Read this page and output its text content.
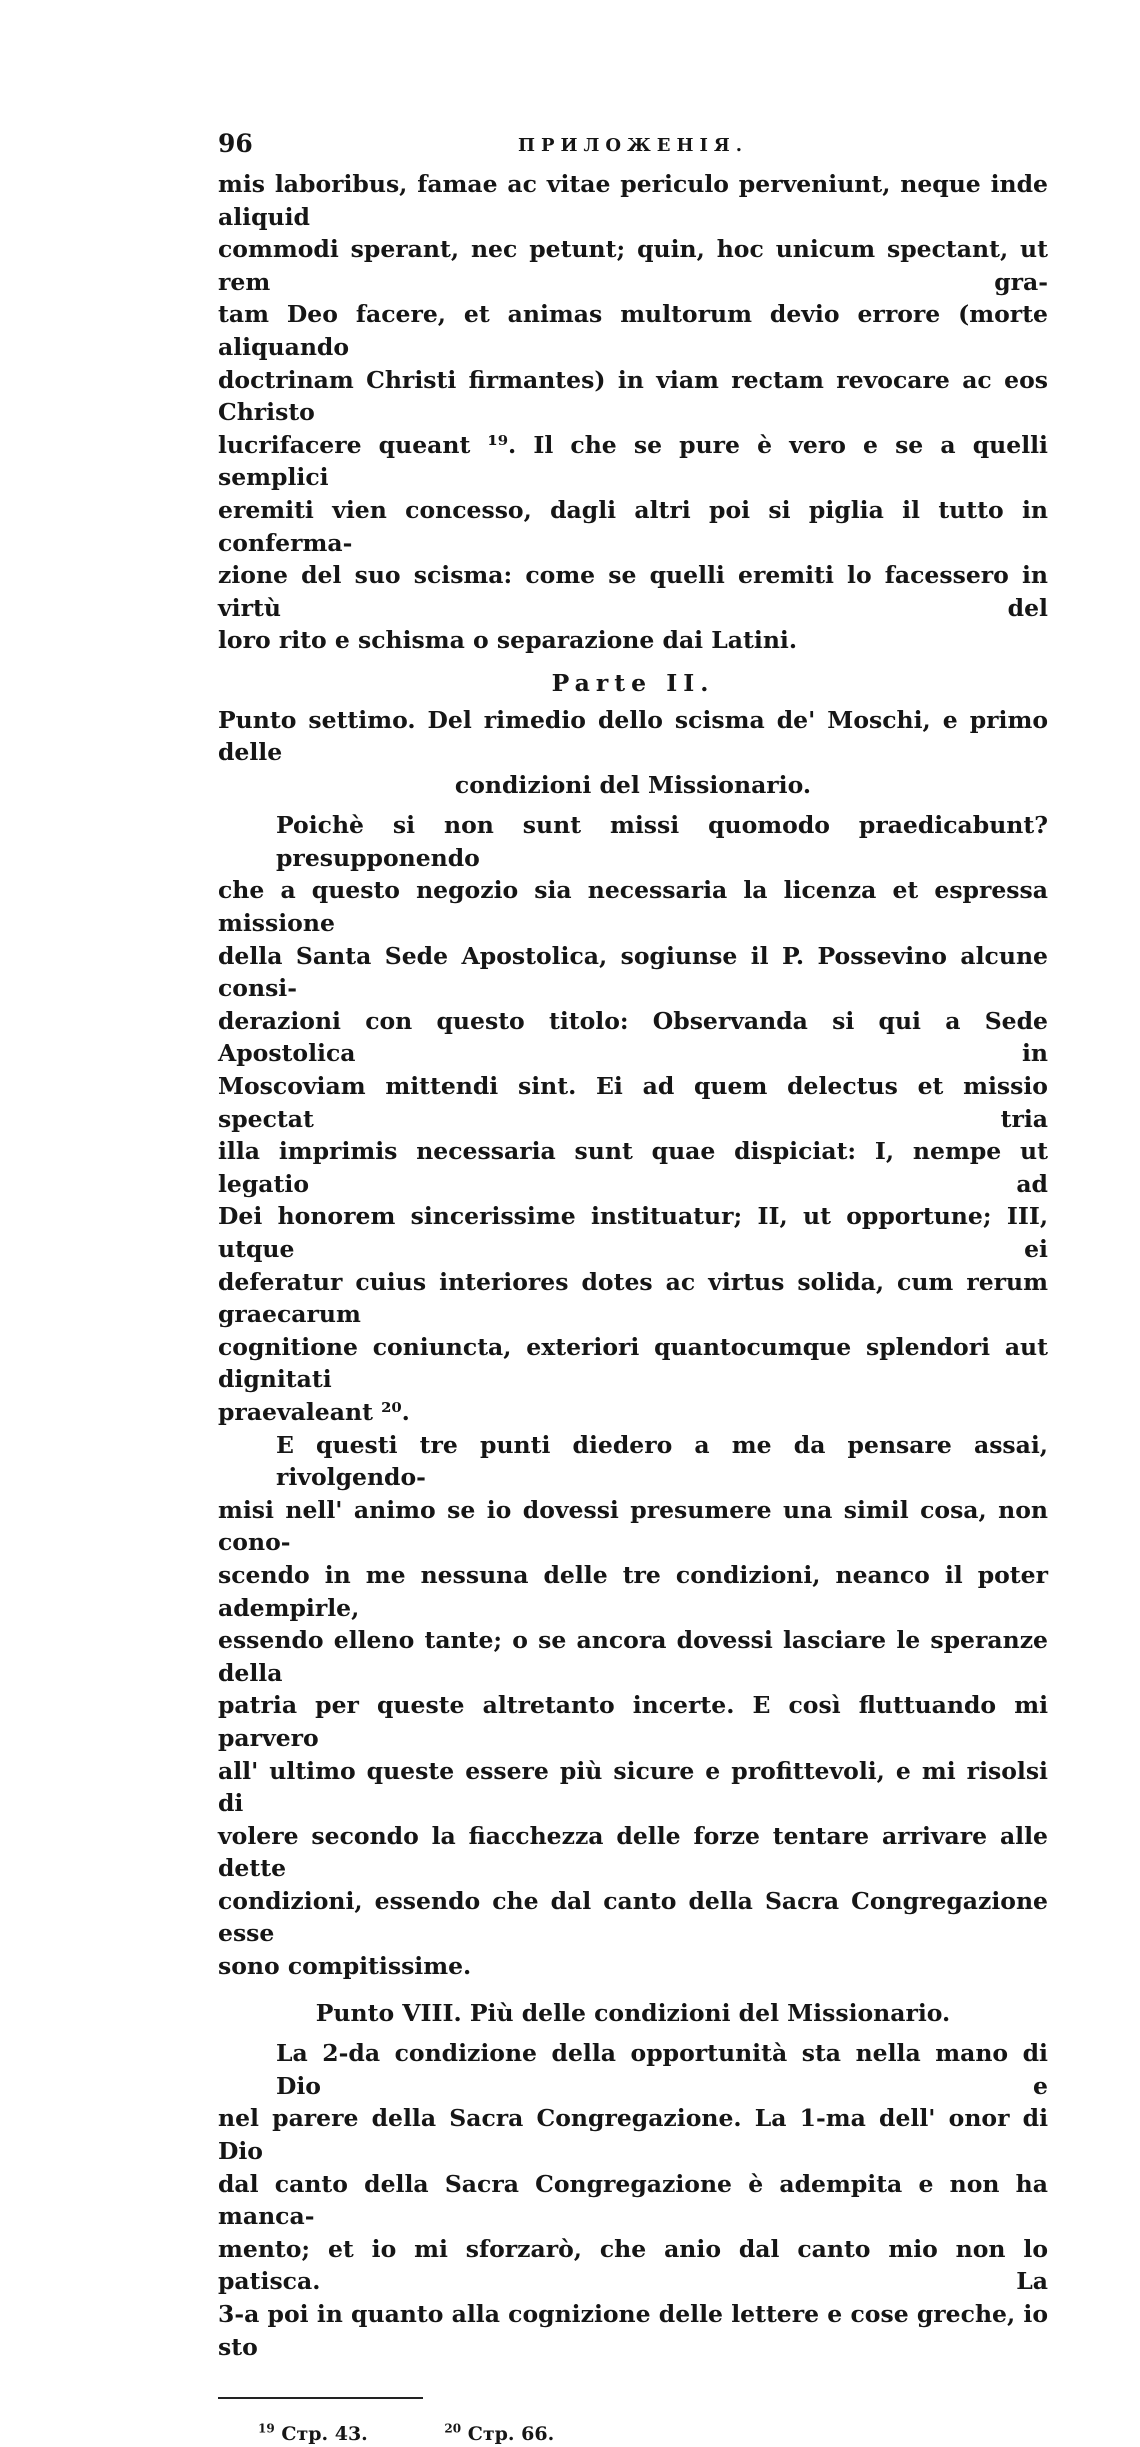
96	ПРИЛОЖЕНІЯ.
mis laboribus, famae ac vitae periculo perveniunt, neque inde aliquid
commodi sperant, nec petunt; quin, hoc unicum spectant, ut rem gra-
tam Deo facere, et animas multorum devio errore (morte aliquando
doctrinam Christi firmantes) in viam rectam revocare ac eos Christo
lucrifacere queant ¹⁹. Il che se pure è vero e se a quelli semplici
eremiti vien concesso, dagli altri poi si piglia il tutto in conferma-
zione del suo scisma: come se quelli eremiti lo facessero in virtù del
loro rito e schisma o separazione dai Latini.
Parte II.
Punto settimo. Del rimedio dello scisma de' Moschi, e primo delle
condizioni del Missionario.
Poichè si non sunt missi quomodo praedicabunt? presupponendo
che a questo negozio sia necessaria la licenza et espressa missione
della Santa Sede Apostolica, sogiunse il P. Possevino alcune consi-
derazioni con questo titolo: Observanda si qui a Sede Apostolica in
Moscoviam mittendi sint. Ei ad quem delectus et missio spectat tria
illa imprimis necessaria sunt quae dispiciat: I, nempe ut legatio ad
Dei honorem sincerissime instituatur; II, ut opportune; III, utque ei
deferatur cuius interiores dotes ac virtus solida, cum rerum graecarum
cognitione coniuncta, exteriori quantocumque splendori aut dignitati
praevaleant ²⁰.
E questi tre punti diedero a me da pensare assai, rivolgendo-
misi nell' animo se io dovessi presumere una simil cosa, non cono-
scendo in me nessuna delle tre condizioni, neanco il poter adempirle,
essendo elleno tante; o se ancora dovessi lasciare le speranze della
patria per queste altretanto incerte. E così fluttuando mi parvero
all' ultimo queste essere più sicure e profittevoli, e mi risolsi di
volere secondo la fiacchezza delle forze tentare arrivare alle dette
condizioni, essendo che dal canto della Sacra Congregazione esse
sono compitissime.
Punto VIII. Più delle condizioni del Missionario.
La 2-da condizione della opportunità sta nella mano di Dio e
nel parere della Sacra Congregazione. La 1-ma dell' onor di Dio
dal canto della Sacra Congregazione è adempita e non ha manca-
mento; et io mi sforzarò, che anio dal canto mio non lo patisca. La
3-a poi in quanto alla cognizione delle lettere e cose greche, io sto
$^{19}$ Стр. 43.	$^{20}$ Стр. 66.
